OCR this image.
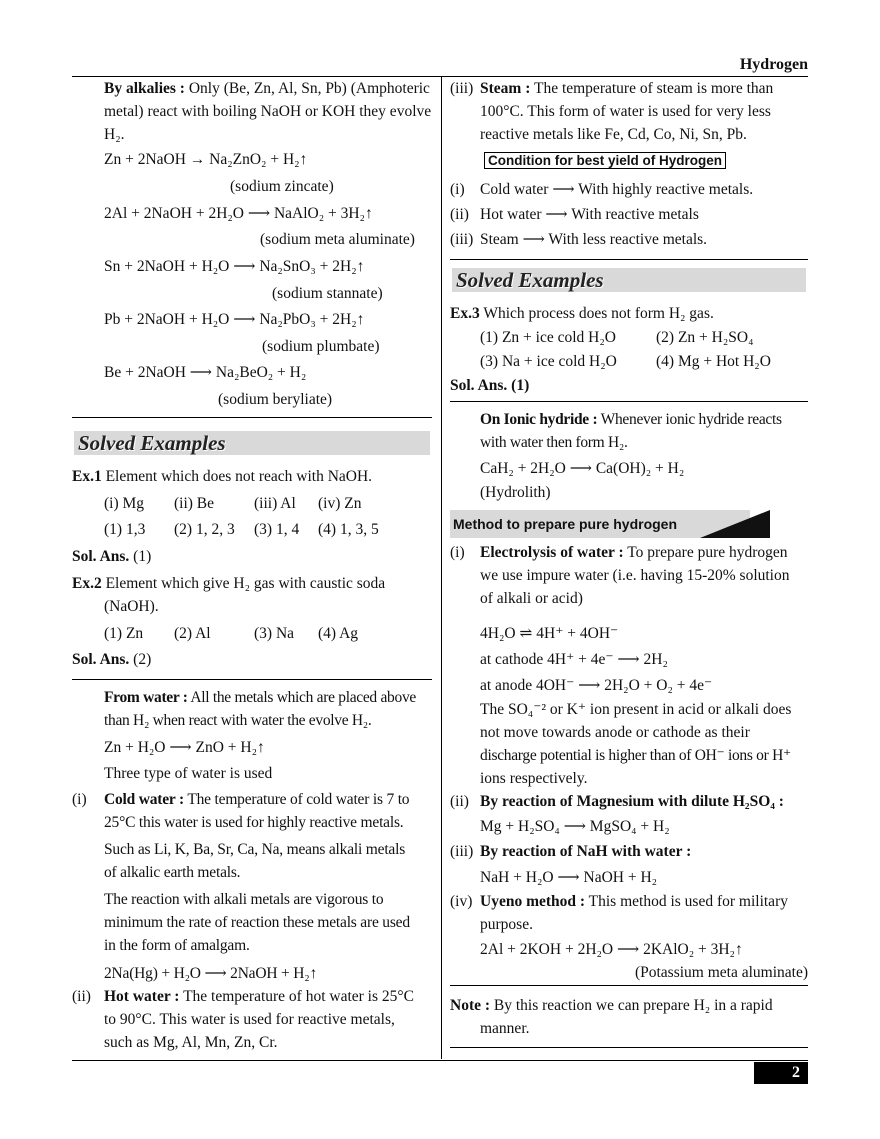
Hydrogen
By alkalies : Only (Be, Zn, Al, Sn, Pb) (Amphoteric
metal) react with boiling NaOH or KOH they evolve
H₂.
Zn + 2NaOH → Na₂ZnO₂ + H₂↑
(sodium zincate)
2Al + 2NaOH + 2H₂O ⟶ NaAlO₂ + 3H₂↑
(sodium meta aluminate)
Sn + 2NaOH + H₂O ⟶ Na₂SnO₃ + 2H₂↑
(sodium stannate)
Pb + 2NaOH + H₂O ⟶ Na₂PbO₃ + 2H₂↑
(sodium plumbate)
Be + 2NaOH ⟶ Na₂BeO₂ + H₂
(sodium beryliate)
Solved Examples
Ex.1 Element which does not reach with NaOH.
(i) Mg (ii) Be	(iii) Al (iv) Zn
(1) 1,3 (2) 1, 2, 3 (3) 1, 4 (4) 1, 3, 5
Sol. Ans. (1)
Ex.2 Element which give H₂ gas with caustic soda
(NaOH).
(1) Zn (2) Al	(3) Na (4) Ag
Sol. Ans. (2)
From water : All the metals which are placed above
than H₂ when react with water the evolve H₂.
Zn + H₂O ⟶ ZnO + H₂↑
Three type of water is used
(i) Cold water : The temperature of cold water is 7 to
25°C this water is used for highly reactive metals.
Such as Li, K, Ba, Sr, Ca, Na, means alkali metals
of alkalic earth metals.
The reaction with alkali metals are vigorous to
minimum the rate of reaction these metals are used
in the form of amalgam.
2Na(Hg) + H₂O ⟶ 2NaOH + H₂↑
(ii) Hot water : The temperature of hot water is 25°C
to 90°C. This water is used for reactive metals,
such as Mg, Al, Mn, Zn, Cr.
(iii) Steam : The temperature of steam is more than
100°C. This form of water is used for very less
reactive metals like Fe, Cd, Co, Ni, Sn, Pb.
Condition for best yield of Hydrogen
(i) Cold water ⟶ With highly reactive metals.
(ii) Hot water ⟶ With reactive metals
(iii) Steam ⟶ With less reactive metals.
Solved Examples
Ex.3 Which process does not form H₂ gas.
(1) Zn + ice cold H₂O	(2) Zn + H₂SO₄
(3) Na + ice cold H₂O	(4) Mg + Hot H₂O
Sol. Ans. (1)
On Ionic hydride : Whenever ionic hydride reacts
with water then form H₂.
CaH₂ + 2H₂O ⟶ Ca(OH)₂ + H₂
(Hydrolith)
Method to prepare pure hydrogen
(i) Electrolysis of water : To prepare pure hydrogen
we use impure water (i.e. having 15-20% solution
of alkali or acid)
4H₂O ⇌ 4H⁺ + 4OH⁻
at cathode 4H⁺ + 4e⁻ ⟶ 2H₂
at anode 4OH⁻ ⟶ 2H₂O + O₂ + 4e⁻
The SO₄⁻² or K⁺ ion present in acid or alkali does
not move towards anode or cathode as their
discharge potential is higher than of OH⁻ ions or H⁺
ions respectively.
(ii) By reaction of Magnesium with dilute H₂SO₄ :
Mg + H₂SO₄ ⟶ MgSO₄ + H₂
(iii) By reaction of NaH with water :
NaH + H₂O ⟶ NaOH + H₂
(iv) Uyeno method : This method is used for military
purpose.
2Al + 2KOH + 2H₂O ⟶ 2KAlO₂ + 3H₂↑
(Potassium meta aluminate)
Note : By this reaction we can prepare H₂ in a rapid
manner.
2
